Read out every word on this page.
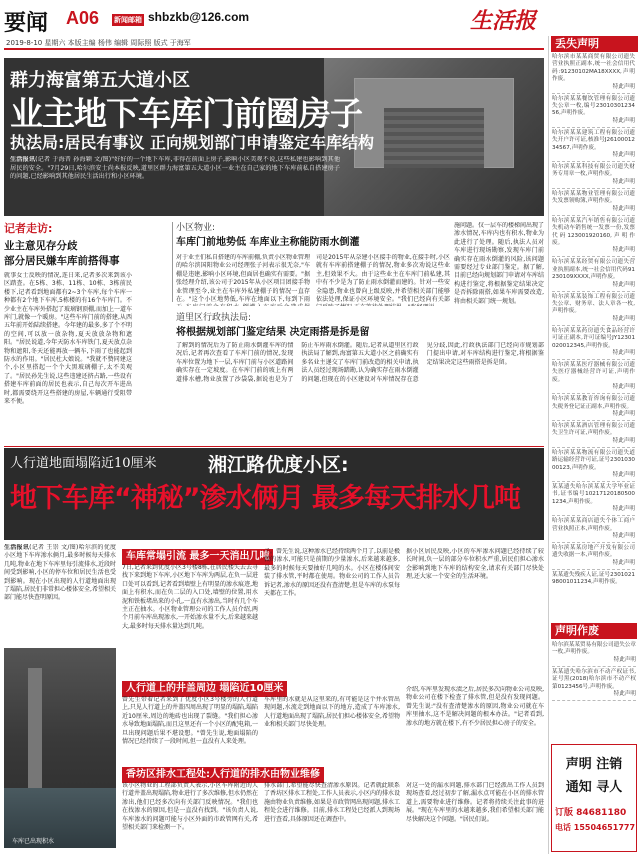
要闻 A06 新闻邮箱 shbzkb@126.com	生活报
2019-8-10 星期六 本版主编 杨伟 编辑 周际照 版式 于海军	丢失声明
哈尔滨市某某商贸有限公司遗失营业执照正副本,统一社会信用代码:91230102MA18XXXX,声明作废。
特此声明
哈尔滨某某餐饮管理有限公司遗失公章一枚,编号2301030123456,声明作废。
特此声明
哈尔滨某某建筑工程有限公司遗失开户许可证,核准号J2610001234567,声明作废。
特此声明
哈尔滨某某科技有限公司遗失财务专用章一枚,声明作废。
特此声明
哈尔滨某某物业管理有限公司遗失发票领购簿,声明作废。
特此声明
哈尔滨某某汽车销售有限公司遗失机动车销售统一发票一份,发票代码123001920160,声明作废。
特此声明
哈尔滨某某经贸有限公司遗失营业执照副本,统一社会信用代码91230109XXXX,声明作废。
特此声明
哈尔滨某某装饰工程有限公司遗失公章、财务章、法人章各一枚,声明作废。
特此声明
哈尔滨某某药房遗失食品经营许可证正副本,许可证编号JY12301020012345,声明作废。
特此声明
哈尔滨某某医疗器械有限公司遗失医疗器械经营许可证,声明作废。
特此声明
哈尔滨某某教育咨询有限公司遗失税务登记证正副本,声明作废。
特此声明
哈尔滨某某酒店管理有限公司遗失卫生许可证,声明作废。
特此声明
哈尔滨某某物流有限公司遗失道路运输经营许可证,证号230103000123,声明作废。
特此声明
某某遗失哈尔滨某某大学毕业证书,证书编号102171201805001234,声明作废。
特此声明
哈尔滨某某商店遗失个体工商户营业执照正本,声明作废。
特此声明
哈尔滨某某房地产开发有限公司遗失收据一本,声明作废。
特此声明
某某遗失残疾人证,证号230102198001011234,声明作废。
声明作废
哈尔滨某某贸易有限公司遗失公章一枚,声明作废。
特此声明
某某遗失哈尔滨市不动产权证书,证号黑(2018)哈尔滨市不动产权第0123456号,声明作废。
特此声明
声明 注销
通知 寻人
订版 84681180
电话 15504651777
群力海富第五大道小区
业主地下车库门前圈房子
执法局:居民有事议 正向规划部门申请鉴定车库结构
生活报讯(记者 于海晋 孙海颖 文/图)"好好的一个地下车库,非得在前面上房子,影响小区美观不说,这些私建也影响到其他居民的安全。"7月29日,哈尔滨安士尚本报反映,道里区群力海富第五大道小区一业主在自己家的地下车库前私自搭建房子的问题,已经影响到其他居民生活出行和小区环境。
记者走访:
业主意见存分歧
部分居民嫌车库前搭得事
就事女士反映的情况,连日来,记者多次来到该小区踏查。在5栋、3栋、11栋、10栋、3栋前民楼下,记者看到地面都有2~3个车库,每个车库一种都有2个地下车库,5栋楼的有16个车库门。不少业主在车库外搭起了玻璃钢顶棚,而加上一道车库门,就像一个暖房。"这些车库门前的搭建,从西五年前开始陆续搭建。今年建的最多,多了个不明的空间,可以放一放杂物,夏天放放杂物和遮阳。"居民说道,今年天防水车库铁门,夏天放点杂物和遮阳,冬天还能再放一辆车,下雨了也能起到防水的作用。"居民杜大娘说。"我就不赞同建这个,小区里搭起一个个大黑玻璃棚子,太不美观了。"居民孙先生说,这些违建还挤占路,一些设有搭建车库前面的居民也表示,自己每次开车进出时,都需要绕开这些搭建的房屋,车辆通行受阻带来不便。
小区物业:
车库门前地势低 车库业主称能防雨水倒灌
对于业主们私自搭建的车库前棚,负责小区物业管理的哈尔滨国阳物业公司经理张子河表示很无奈,"车棚是违建,影响小区环境,但面居也确实有需要。"据张经理介绍,该公司于2015年从小区项目团接手物业管理至今,业主在车库外私建棚子的情况一直存在。"这个小区地势低,车库在地面以下,每到下雨
司是2015年从奈建小区接手的物业,在接手时,小区就有车库前搭建棚子的情况,物业多次劝说这些业主,但效果不大。由于这些业主在车库门前私建,其中有不少是为了防止雨水倒灌而建的。针对一些安全隐患,物业也曾向上级反映,并希望相关部门能够依法处理,保证小区环境安全。"我们已经向有关部
施问题。仅一层车的楼梯间出现了渗水情况,车库内也有积水,物业为此进行了处理。随后,执法人员对车库进行现场勘察,发现车库门前确实存在雨水倒灌的风险,该问题需要经过专业部门鉴定。据了解,目前已经向规划部门申请对车库结构进行鉴定,将根据鉴定结果决定是否拆除雨搭,如果车库需要改造,将由相关部门统一规划。
道里区行政执法局:
将根据规划部门鉴定结果 决定雨搭是拆是留
了解到的情况后为了防止雨水倒灌车库的情况后,记者再次查看了车库门前的情况,发现车库位置为地下一层,车库门前与小区道路间确实存在一定坡度。在车库门前的坡上有两道排水槽,物业放置了沙袋袋,据说也是为了防止车库雨水倒灌。随后,记者从道里区行政执法局了解到,海富第五大道小区之前确实有多名业主递交了车库门前改造的相关申请,执法人员经过现场踏勘,认为确实存在雨水倒灌的问题,但现在的小区建设对车库情况存在意见分歧,因此,行政执法部门已经向市规划部门提出申请,对车库结构进行鉴定,将根据鉴定结果决定这些雨搭是拆是留。
人行道地面塌陷近10厘米	湘江路优度小区:
地下车库“神秘”渗水俩月 最多每天排水几吨
生活报讯(记者 王崇 文/图)哈尔滨的优度小区地下车库渗水俩月,最多时候每天排水几吨,物业在地下车库里每引流排水,近段时间受到影响,小区的停车位和居民生活也受到影响。现在小区出现的人行道地面出现了塌陷,居民们非常担心楼体安全,希望相关部门能尽快查明原因。
车库已出现积水
车库常塌引流 最多一天消出几吨
7日,记者来到优度小区3号楼8栋,在居民楼失去去寻找下来到地下车库,小区地下车库为两层,在负一层进口处可以看到,记者看到墙壁上有明显的渗水痕迹,地面上有积水,而在负二层的入口处,墙壁的位置,用水泥和铁板堵出来的小孔,一直有水渗出,当时有几个车主正在抽水。小区物业管理公司的工作人员介绍,两个月前车库出现渗水,一开始渗水量不大,后来越来越大,最多时每天排水量达到几吨。
子。曾先生说,这种渗水已经持续两个月了,以前是极微的渗水,可能只是前期的少量渗水,后来越来越多,最多的时候每天要抽好几吨的水。小区在楼体间安装了排水管,平时都在使用。物业公司的工作人员告诉记者,渗水的原因还没有查清楚,但是车库的水泵每天都在工作。
据小区居民反映,小区的车库渗水问题已经持续了较长时间,负一层的部分车位积水严重,居民们担心渗水会影响到地下车库的结构安全,请求有关部门尽快处理,还大家一个安全的生活环境。
人行道上的井盖周边 塌陷近10厘米
曾先生带着记者来到了优度小区3号楼旁的人行道上,只见人行道上的井盖四周出现了明显的塌陷,塌陷近10厘米,周边的地砖也出现了裂缝。"我们担心渗水导致地面塌陷,而且这里还有一个小区的配电箱,一旦出现问题后果不堪设想。"曾先生说,地面塌陷的情况已经持续了一段时间,但一直没有人来处理。
车库里的水就是从这里来的,有可能是这个井水管出现问题,水流走到地面以下的地方,造成了车库渗水,人行道地面出现了塌陷,居民们担心楼体安全,希望物业和相关部门尽快处理。
介绍,车库里发现水渍之后,居民多次向物业公司反映,物业公司在楼下检查了排水管,但是没有发现问题。曾先生说:"没有查清楚渗水的原因,物业公司就在车库里抽水,这不是解决问题的根本办法。"记者看到,渗水的地方就在楼下,有不少居民担心房子的安全。
香坊区排水工程处:人行道的排水由物业维修
该小区物业的工程部负责人表示,小区车库附近的人行道井盖出现塌陷,物业进行了多次维修,但水仍然在渗出,他们已经多次向有关部门反映情况。"我们也在找渗水的原因,但是一直没有找到。"该负责人说,车库渗水的问题可能与小区外面的市政管网有关,希望相关部门来检测一下。
排水部门,希望能尽快查清渗水原因。记者就此联系了香坊区排水工程处,工作人员表示,小区内的排水设施由物业负责维修,如果是市政管网出现问题,排水工程处会进行维修。目前,排水工程处已经派人到现场进行查看,具体原因还在调查中。
对这一处的漏水问题,排水部门已经派出工作人员到现场查看,经过初步了解,漏水点可能在小区的排水管道上,需要物业进行维修。记者将持续关注此事的进展。"现在车库里的水越来越多,我们希望相关部门能尽快解决这个问题。"居民们说。
